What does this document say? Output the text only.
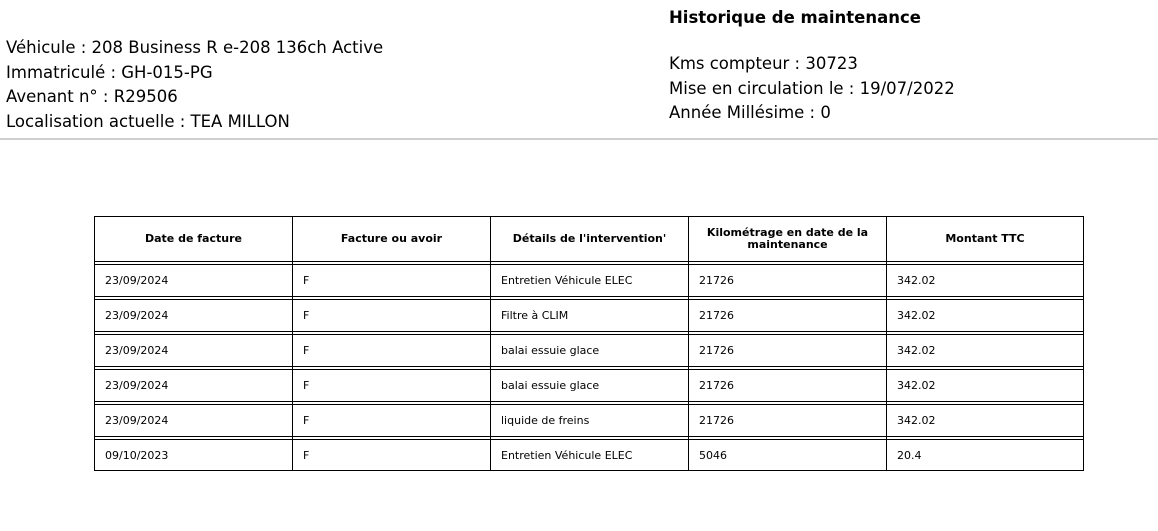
Véhicule : 208 Business R e-208 136ch Active
Immatriculé : GH-015-PG
Avenant n° : R29506
Localisation actuelle : TEA MILLON
Historique de maintenance
Kms compteur : 30723
Mise en circulation le : 19/07/2022
Année Millésime : 0
Date de facture	Facture ou avoir	Détails de l'intervention'	Kilométrage en date de la maintenance	Montant TTC

23/09/2024	F	Entretien Véhicule ELEC	21726	342.02

23/09/2024	F	Filtre à CLIM	21726	342.02

23/09/2024	F	balai essuie glace	21726	342.02

23/09/2024	F	balai essuie glace	21726	342.02

23/09/2024	F	liquide de freins	21726	342.02

09/10/2023	F	Entretien Véhicule ELEC	5046	20.4
